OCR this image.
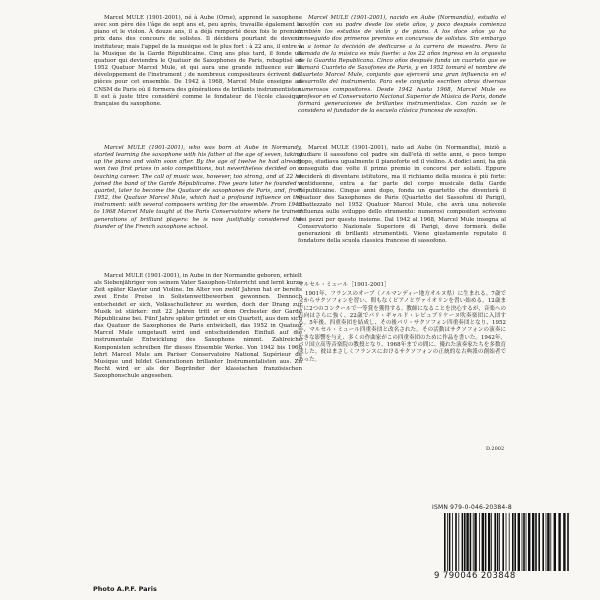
Marcel MULE (1901-2001), né à Aube (Orne), apprend le saxophone avec son père dès l'âge de sept ans et, peu après, travaille également le piano et le violon. À douze ans, il a déjà remporté deux fois le premier prix dans des concours de solistes. Il décidera pourtant de devenir instituteur, mais l'appel de la musique est le plus fort : à 22 ans, il entre à la Musique de la Garde Républicaine. Cinq ans plus tard, il fonde un quatuor qui deviendra le Quatuor de Saxophones de Paris, rebaptisé en 1952 Quatuor Marcel Mule, et qui aura une grande influence sur le développement de l'instrument ; de nombreux compositeurs écrivent des pièces pour cet ensemble. De 1942 à 1968, Marcel Mule enseigne au CNSM de Paris où il formera des générations de brillants instrumentistes. Il est à juste titre considéré comme le fondateur de l'école classique française du saxophone.

Marcel MULE (1901-2001), nacido en Aube (Normandía), estudia el saxofón con su padre desde los siete años, y poco después comienza también los estudios de violín y de piano. A los doce años ya ha conseguido dos primeros premios en concursos de solistas. Sin embargo va a tomar la decisión de dedicarse a la carrera de maestro. Pero la llamada de la música es más fuerte: a los 22 años ingresa en la orquesta de la Guardia Republicana. Cinco años después funda un cuarteto que se llamará Cuarteto de Saxofones de Paris, y en 1952 tomará el nombre de Cuarteto Marcel Mule, conjunto que ejercerá una gran influencia en el desarrollo del instrumento. Para este conjunto escriben obras diversas numerosos compositores. Desde 1942 hasta 1968, Marcel Mule es profesor en el Conservatorio Nacional Superior de Música de Paris, donde formará generaciones de brillantes instrumentistas. Con razón se le considera el fundador de la escuela clásica francesa de saxofón.

Marcel MULE (1901-2001), who was born at Aube in Normandy, started learning the saxophone with his father at the age of seven, taking up the piano and violin soon after. By the age of twelve he had already won two first prizes in solo competitions, but nevertheless decided on a teaching career. The call of music was, however, too strong, and at 22 he joined the band of the Garde Républicaine. Five years later he founded a quartet, later to become the Quatuor de saxophones de Paris, and, from 1952, the Quatuor Marcel Mule, which had a profound influence on the instrument: with several composers writing for the ensemble. From 1942 to 1968 Marcel Mule taught at the Paris Conservatoire where he trained generations of brilliant players: he is now justifiably considered the founder of the French saxophone school.

Marcel MULE (1901-2001), nato ad Aube (in Normandia), iniziò a studiare il sassofono col padre sin dall'età di sette anni, e poco tempo dopo, studiava ugualmente il pianoforte ed il violino. A dodici anni, ha già conseguito due volte il primo premio in concorsi per solisti. Eppure deciderà di diventare istitutore, ma il richiamo della musica è più forte: ventiduenne, entra a far parte del corpo musicale della Garde Républicaine. Cinque anni dopo, fonda un quartetto che diventerà il Quatuor des Saxophones de Paris (Quartetto dei Sassofoni di Parigi), ribattezzato nel 1952 Quatuor Marcel Mule, che avrà una notevole influenza sullo sviluppo dello strumento: numerosi compositori scrivono dei pezzi per questo insieme. Dal 1942 al 1968, Marcel Mule insegna al Conservatorio Nazionale Superiore di Parigi, dove formerà delle generazioni di brillanti strumentisti. Viene giustamente reputato il fondatore della scuola classica francese di sassofono.

Marcel MULE (1901-2001), in Aube in der Normandie geboren, erhielt als Siebenjähriger von seinem Vater Saxophon-Unterricht und lernt kurze Zeit später Klavier und Violine. Im Alter von zwölf Jahren hat er bereits zwei Erste Preise in Solistenwettbewerben gewonnen. Dennoch entscheidet er sich, Volksschullehrer zu werden, doch der Drang zur Musik ist stärker: mit 22 Jahren tritt er dem Orchester der Garde Républicaine bei. Fünf Jahre später gründet er ein Quartett, aus dem sich das Quatuor de Saxophones de Paris entwickelt, das 1952 in Quatuor Marcel Mule umgetauft wird und entscheidenden Einfluß auf die instrumentale Entwicklung des Saxophons nimmt. Zahlreiche Komponisten schreiben für dieses Ensemble Werke. Von 1942 bis 1968 lehrt Marcel Mule am Pariser Conservatoire National Supérieur de Musique und bildet Generationen brillanter Instrumentalisten aus. Zu Recht wird er als der Begründer der klassischen französischen Saxophonschule angesehen.

マルセル・ミュール［1901-2001］

1901年、フランスのオーブ（ノルマンディー地方オルヌ県）に生まれる。7歳で父からサクソフォンを習い、間もなくピアノとヴァイオリンを習い始める。12歳までに2つのコンクールで一等賞を獲得する。教師になることを決心するが、音楽への志向はさらに強く、22歳でパリ・ギャルド・レピュブリケーヌ吹奏楽団に入団する。5年後、四重奏団を結成し、その後パリ・サクソフォン四重奏団となり、1952年、マルセル・ミュール四重奏団と改名された。その活動はサクソフォンの演奏に大きな影響を与え、多くの作曲家がこの四重奏団のために作品を書いた。1942年、パリ国立高等音楽院の教授となり、1968年までの間に、優れた演奏家たちを多数育成した。彼はまさしくフランスにおけるサクソフォンの正統的な古典派の創始者であった。

D.2002
ISMN 979-0-046-20384-8
9 790046 203848
Photo A.P.F. Paris
